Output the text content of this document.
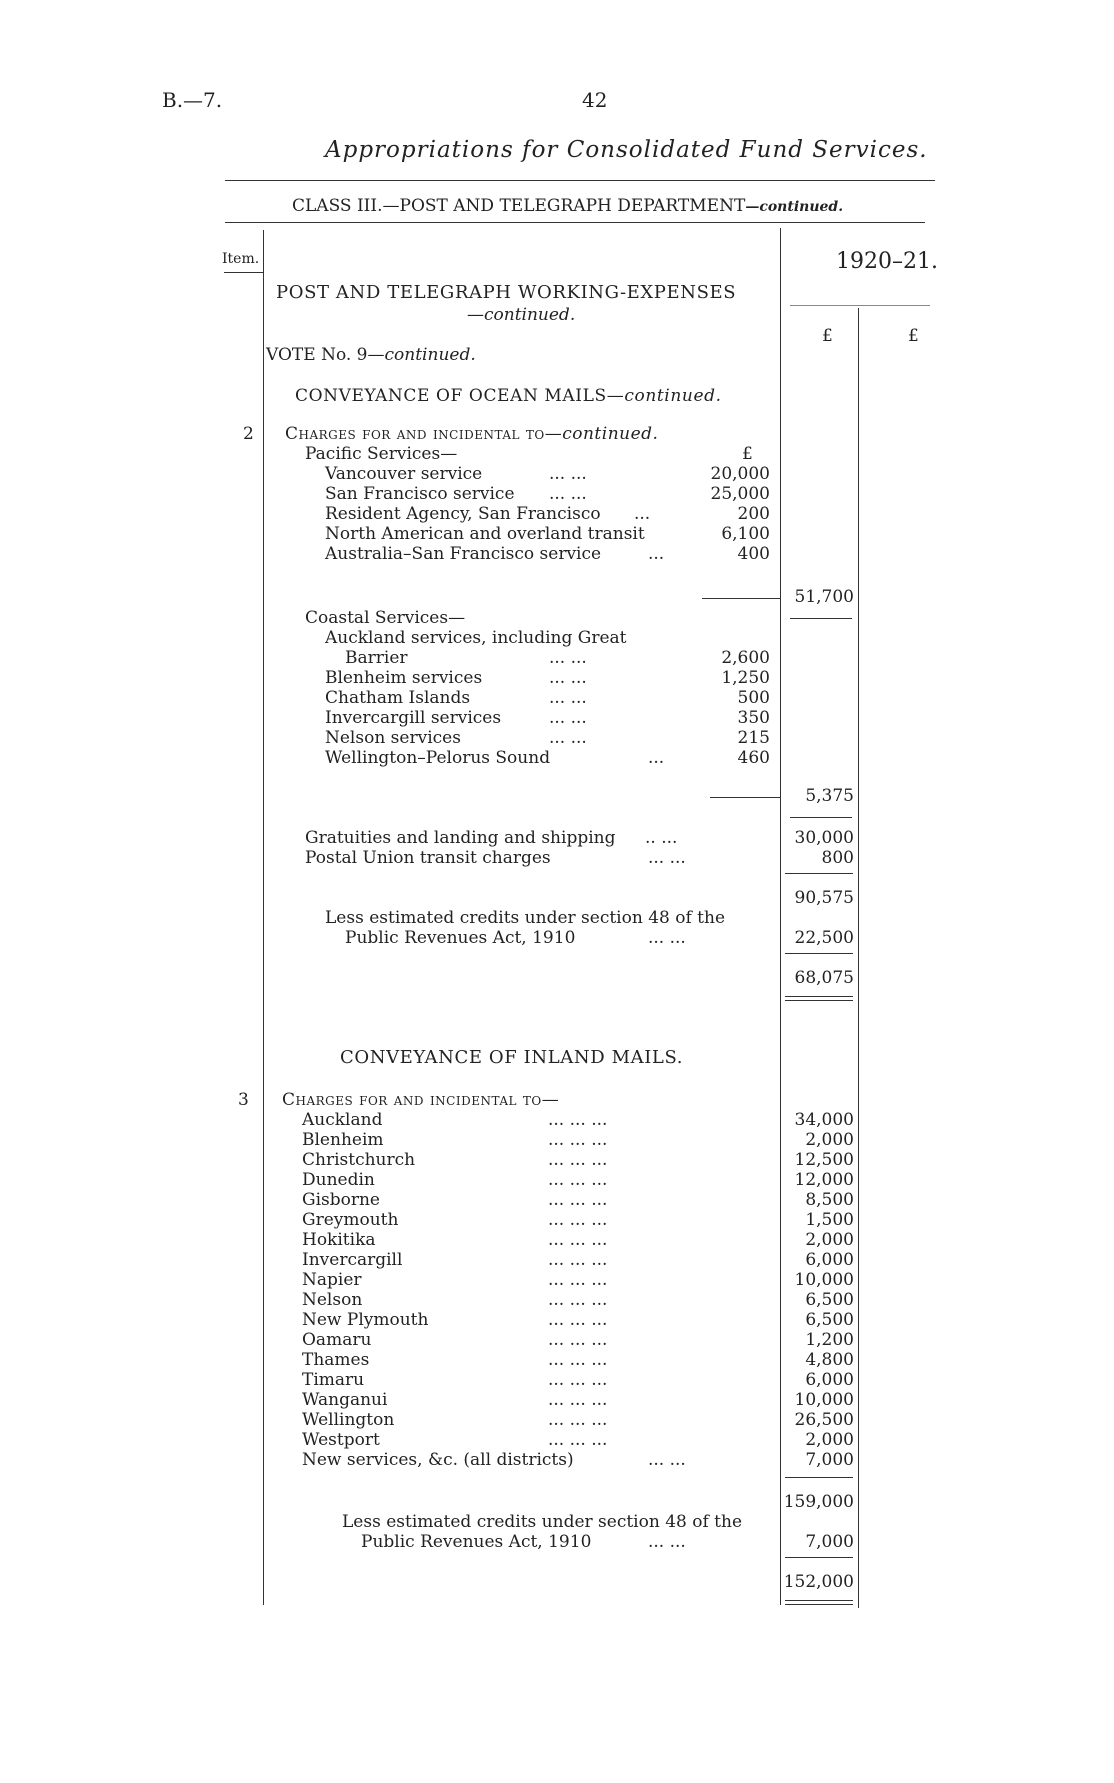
B.—7.	42
Appropriations for Consolidated Fund Services.
CLASS III.—POST AND TELEGRAPH DEPARTMENT—continued.
Item.	1920–21.
£	£
POST AND TELEGRAPH WORKING-EXPENSES
—continued.
VOTE No. 9—continued.
CONVEYANCE OF OCEAN MAILS—continued.
2 Charges for and incidental to—continued.
Pacific Services—	£
Vancouver service	... ...	20,000
San Francisco service ... ...	25,000
Resident Agency, San Francisco ...	200
North American and overland transit	6,100
Australia–San Francisco service	...	400
51,700
Coastal Services—
Auckland services, including Great
Barrier	... ...	2,600
Blenheim services	... ...	1,250
Chatham Islands	... ...	500
Invercargill services	... ...	350
Nelson services	... ...	215
Wellington–Pelorus Sound	...	460
5,375
Gratuities and landing and shipping .. ...	30,000
Postal Union transit charges	... ...	800
90,575
Less estimated credits under section 48 of the
Public Revenues Act, 1910	... ...	22,500
68,075
CONVEYANCE OF INLAND MAILS.
3 Charges for and incidental to—
Auckland	... ... ...	34,000
Blenheim	... ... ...	2,000
Christchurch	... ... ...	12,500
Dunedin	... ... ...	12,000
Gisborne	... ... ...	8,500
Greymouth	... ... ...	1,500
Hokitika	... ... ...	2,000
Invercargill	... ... ...	6,000
Napier	... ... ...	10,000
Nelson	... ... ...	6,500
New Plymouth	... ... ...	6,500
Oamaru	... ... ...	1,200
Thames	... ... ...	4,800
Timaru	... ... ...	6,000
Wanganui	... ... ...	10,000
Wellington	... ... ...	26,500
Westport	... ... ...	2,000
New services, &c. (all districts)	... ...	7,000
159,000
Less estimated credits under section 48 of the
Public Revenues Act, 1910	... ...	7,000
152,000
